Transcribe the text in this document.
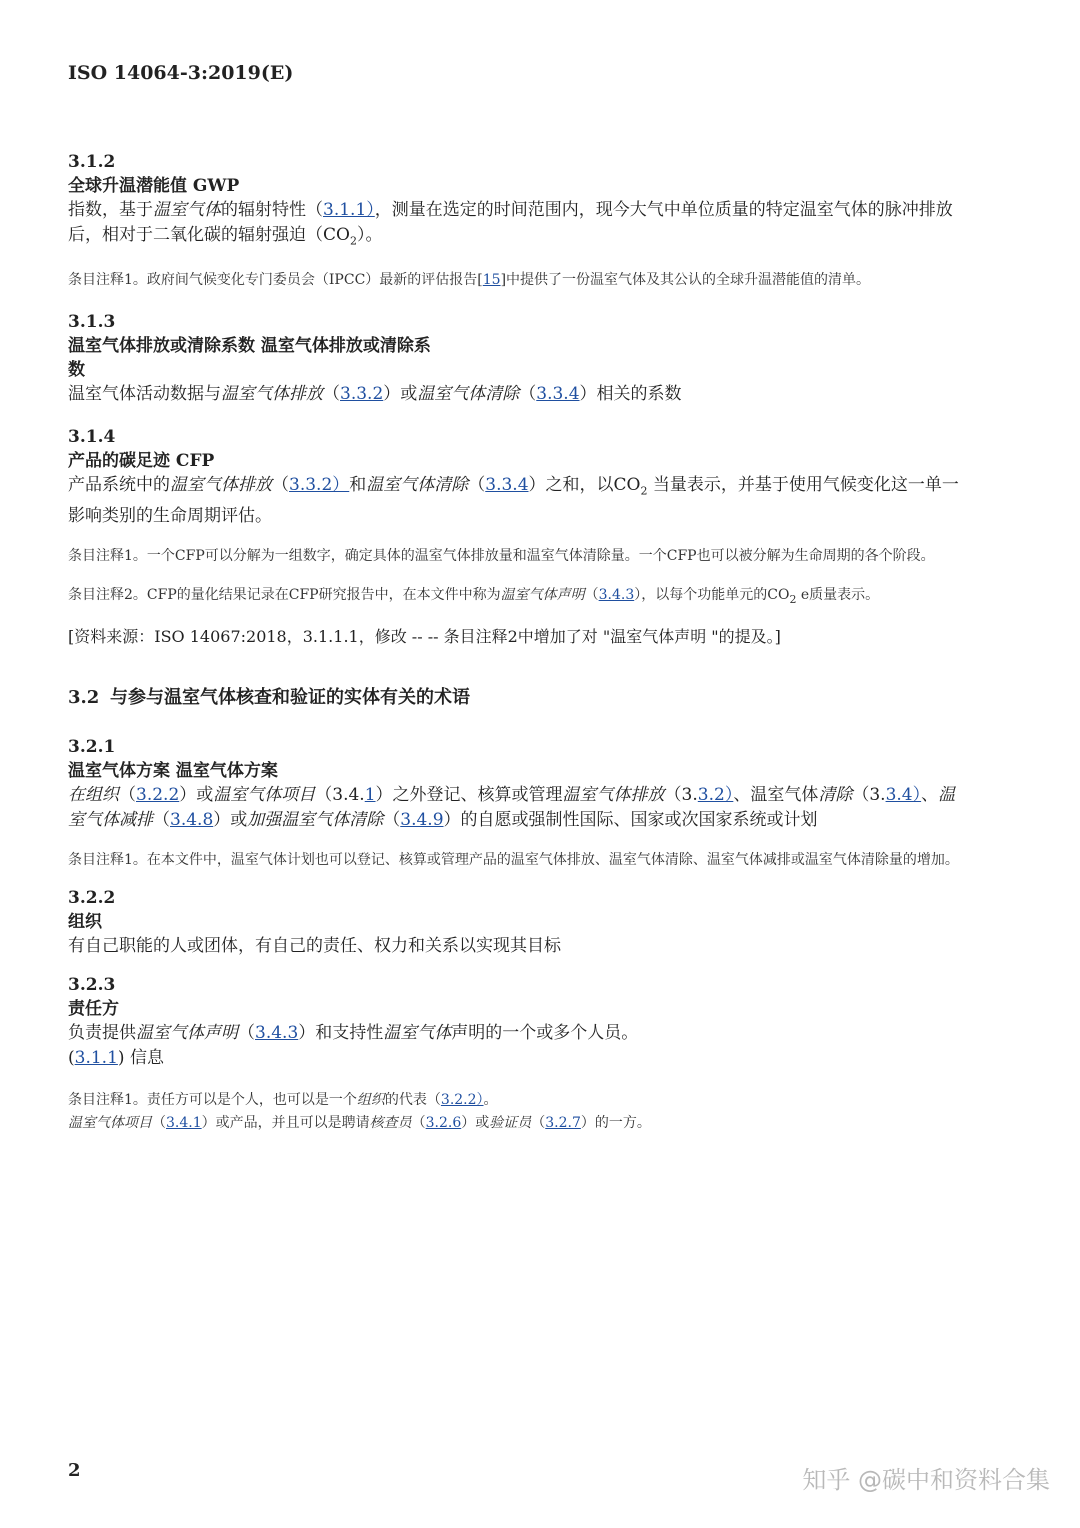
ISO 14064-3:2019(E)

3.1.2

全球升温潜能值 GWP

指数，基于温室气体的辐射特性（3.1.1），测量在选定的时间范围内，现今大气中单位质量的特定温室气体的脉冲排放后，相对于二氧化碳的辐射强迫$(CO_2)$。

条目注释1。政府间气候变化专门委员会（IPCC）最新的评估报告[15]中提供了一份温室气体及其公认的全球升温潜能值的清单。

3.1.3

温室气体排放或清除系数 温室气体排放或清除系

数

温室气体活动数据与温室气体排放（3.3.2）或温室气体清除（3.3.4）相关的系数

3.1.4

产品的碳足迹 CFP

产品系统中的温室气体排放（3.3.2）和温室气体清除（3.3.4）之和，以$CO_2$ 当量表示，并基于使用气候变化这一单一影响类别的生命周期评估。

条目注释1。一个CFP可以分解为一组数字，确定具体的温室气体排放量和温室气体清除量。一个CFP也可以被分解为生命周期的各个阶段。

条目注释2。CFP的量化结果记录在CFP研究报告中，在本文件中称为温室气体声明（3.4.3），以每个功能单元的$CO_2$ e质量表示。

[资料来源：ISO 14067:2018，3.1.1.1，修改 -- -- 条目注释2中增加了对 "温室气体声明 "的提及。]

3.2 与参与温室气体核查和验证的实体有关的术语

3.2.1

温室气体方案 温室气体方案

在组织（3.2.2）或温室气体项目（3.4.1）之外登记、核算或管理温室气体排放（3.3.2）、温室气体清除（3.3.4）、温室气体减排（3.4.8）或加强温室气体清除（3.4.9）的自愿或强制性国际、国家或次国家系统或计划

条目注释1。在本文件中，温室气体计划也可以登记、核算或管理产品的温室气体排放、温室气体清除、温室气体减排或温室气体清除量的增加。

3.2.2

组织

有自己职能的人或团体，有自己的责任、权力和关系以实现其目标

3.2.3

责任方

负责提供温室气体声明（3.4.3）和支持性温室气体声明的一个或多个人员。

(3.1.1) 信息

条目注释1。责任方可以是个人，也可以是一个组织的代表（3.2.2）。
温室气体项目（3.4.1）或产品，并且可以是聘请核查员（3.2.6）或验证员（3.2.7）的一方。

2	知乎 @碳中和资料合集
